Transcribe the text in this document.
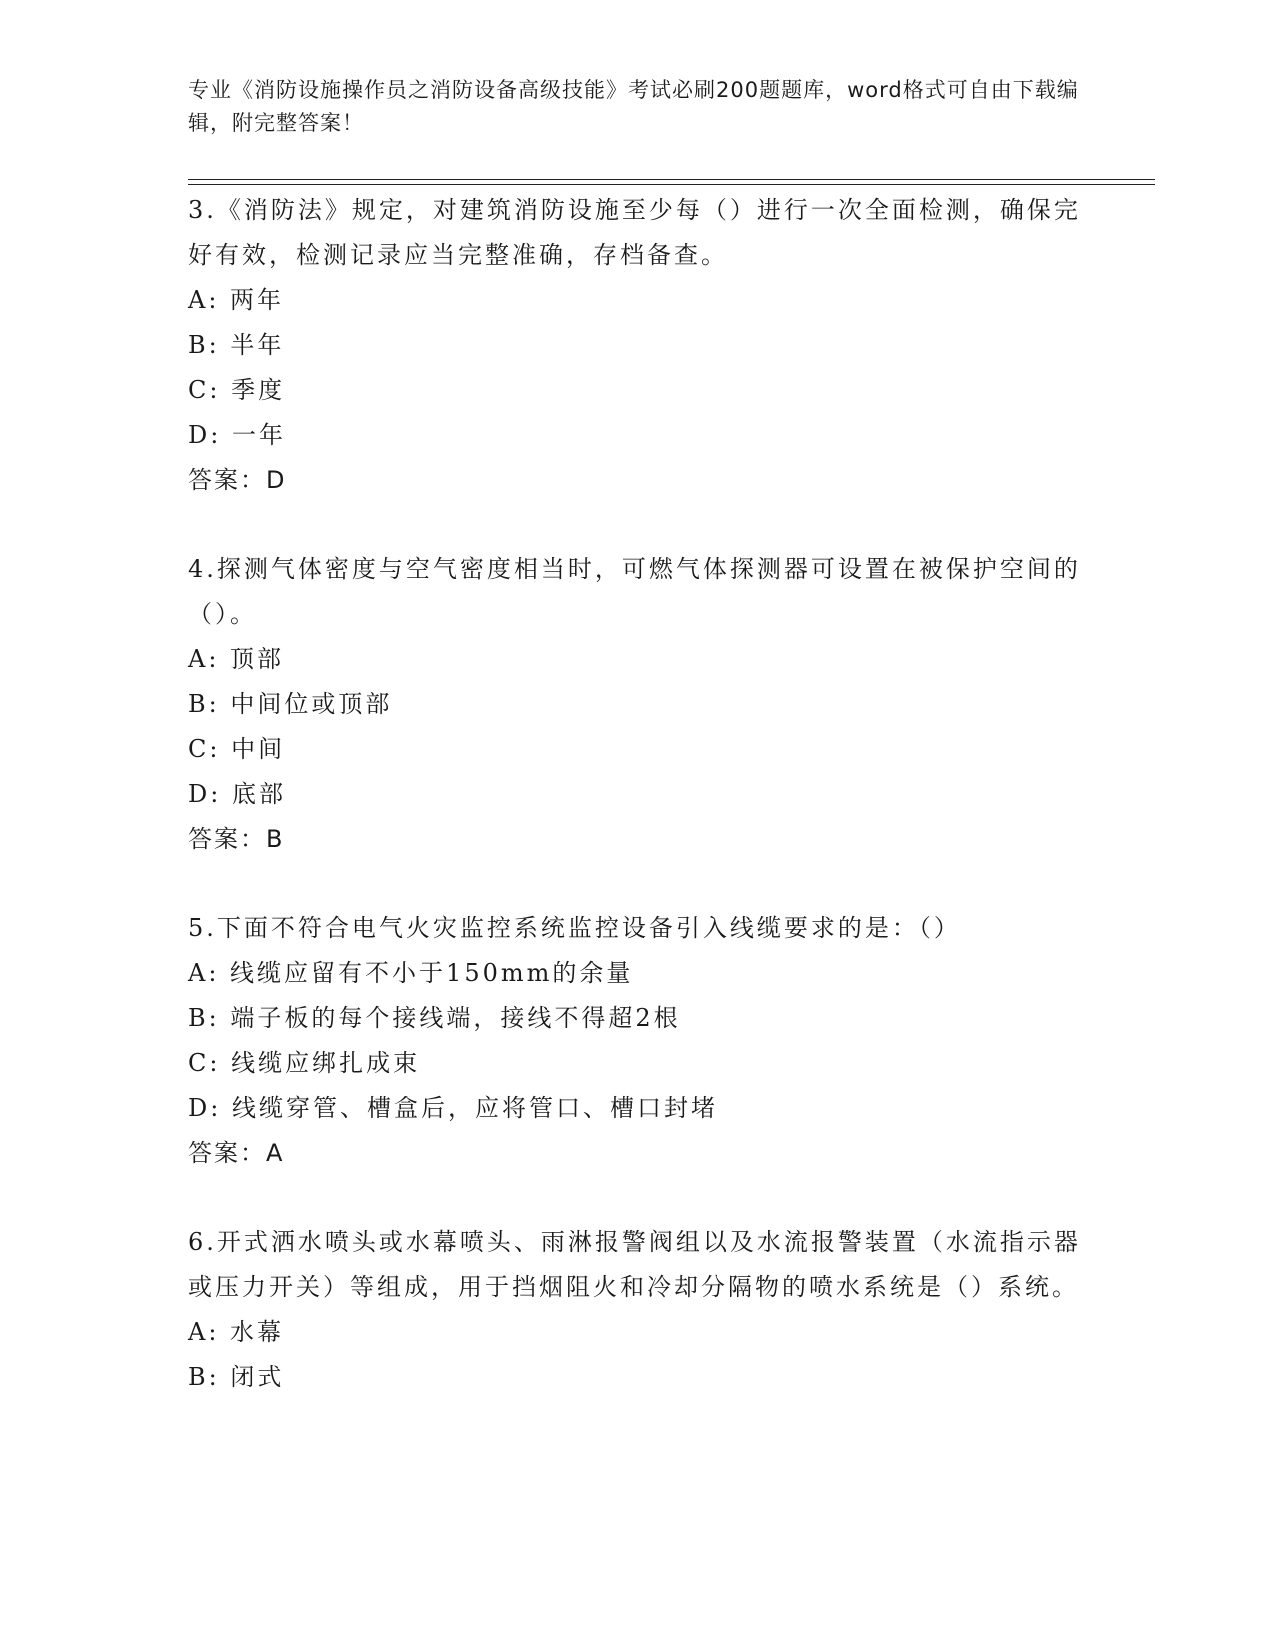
专业《消防设施操作员之消防设备高级技能》考试必刷200题题库，word格式可自由下载编辑，附完整答案！

3.《消防法》规定，对建筑消防设施至少每（）进行一次全面检测，确保完好有效，检测记录应当完整准确，存档备查。

A: 两年

B: 半年

C: 季度

D: 一年

答案：D

4.探测气体密度与空气密度相当时，可燃气体探测器可设置在被保护空间的（）。

A: 顶部

B: 中间位或顶部

C: 中间

D: 底部

答案：B

5.下面不符合电气火灾监控系统监控设备引入线缆要求的是：（）

A: 线缆应留有不小于150mm的余量

B: 端子板的每个接线端，接线不得超2根

C: 线缆应绑扎成束

D: 线缆穿管、槽盒后，应将管口、槽口封堵

答案：A

6.开式洒水喷头或水幕喷头、雨淋报警阀组以及水流报警装置（水流指示器或压力开关）等组成，用于挡烟阻火和冷却分隔物的喷水系统是（）系统。

A: 水幕

B: 闭式
